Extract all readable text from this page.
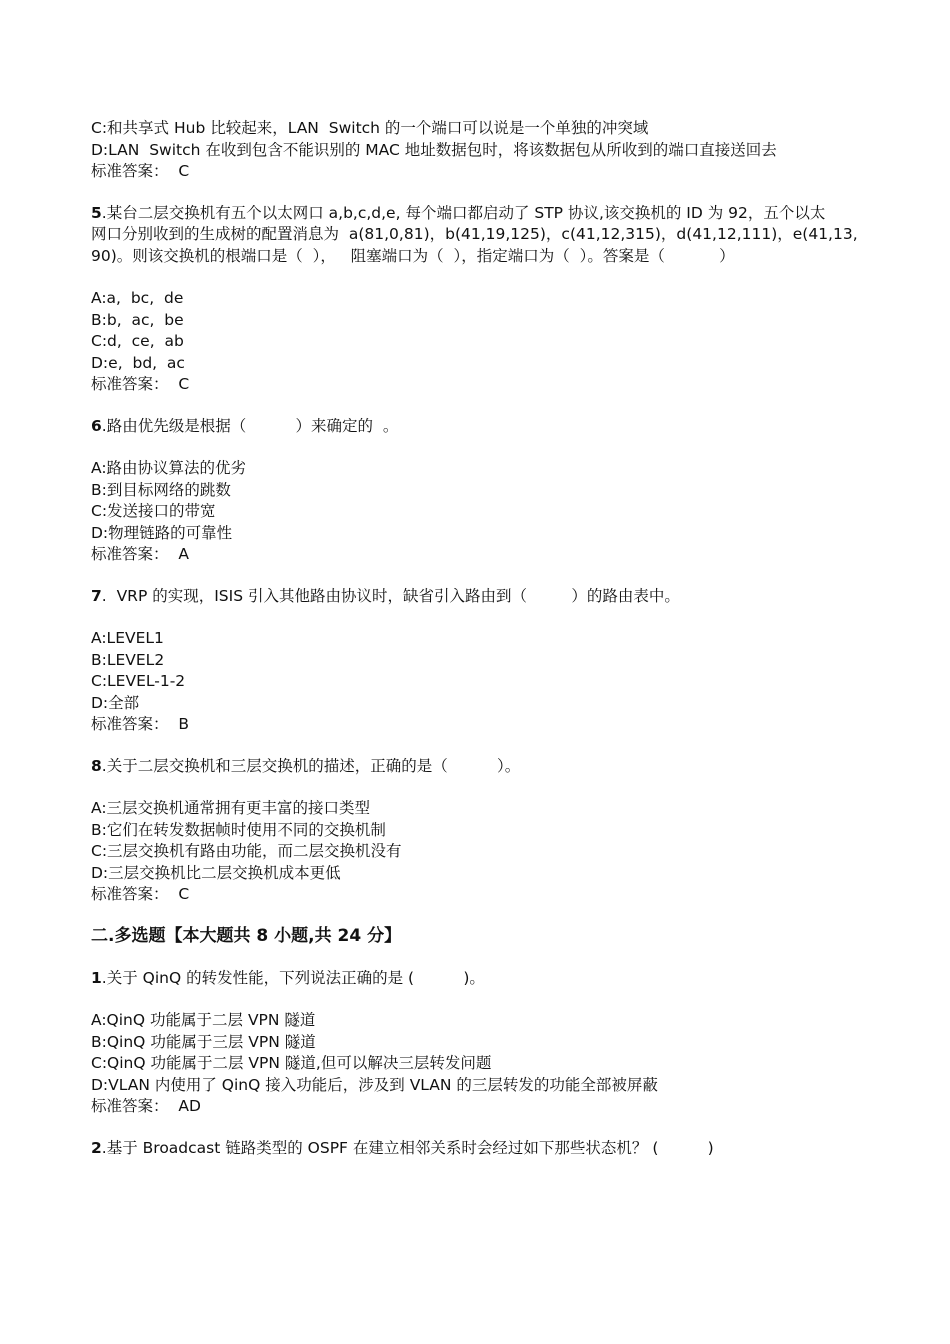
C:和共享式 Hub 比较起来，LAN  Switch 的一个端口可以说是一个单独的冲突域
D:LAN  Switch 在收到包含不能识别的 MAC 地址数据包时，将该数据包从所收到的端口直接送回去
标准答案：  C
5.某台二层交换机有五个以太网口 a,b,c,d,e, 每个端口都启动了 STP 协议,该交换机的 ID 为 92，五个以太
网口分别收到的生成树的配置消息为  a(81,0,81)，b(41,19,125)，c(41,12,315)，d(41,12,111)，e(41,13,
90)。则该交换机的根端口是（  ），   阻塞端口为（  ），指定端口为（  ）。答案是（           ）
A:a,  bc,  de
B:b,  ac,  be
C:d,  ce,  ab
D:e,  bd,  ac
标准答案：  C
6.路由优先级是根据（          ）来确定的  。
A:路由协议算法的优劣
B:到目标网络的跳数
C:发送接口的带宽
D:物理链路的可靠性
标准答案：  A
7.  VRP 的实现，ISIS 引入其他路由协议时，缺省引入路由到（         ）的路由表中。
A:LEVEL1
B:LEVEL2
C:LEVEL-1-2
D:全部
标准答案：  B
8.关于二层交换机和三层交换机的描述，正确的是（          ）。
A:三层交换机通常拥有更丰富的接口类型
B:它们在转发数据帧时使用不同的交换机制
C:三层交换机有路由功能，而二层交换机没有
D:三层交换机比二层交换机成本更低
标准答案：  C
二.多选题【本大题共 8 小题,共 24 分】
1.关于 QinQ 的转发性能，下列说法正确的是 (          )。
A:QinQ 功能属于二层 VPN 隧道
B:QinQ 功能属于三层 VPN 隧道
C:QinQ 功能属于二层 VPN 隧道,但可以解决三层转发问题
D:VLAN 内使用了 QinQ 接入功能后，涉及到 VLAN 的三层转发的功能全部被屏蔽
标准答案：  AD
2.基于 Broadcast 链路类型的 OSPF 在建立相邻关系时会经过如下那些状态机？ (          )
